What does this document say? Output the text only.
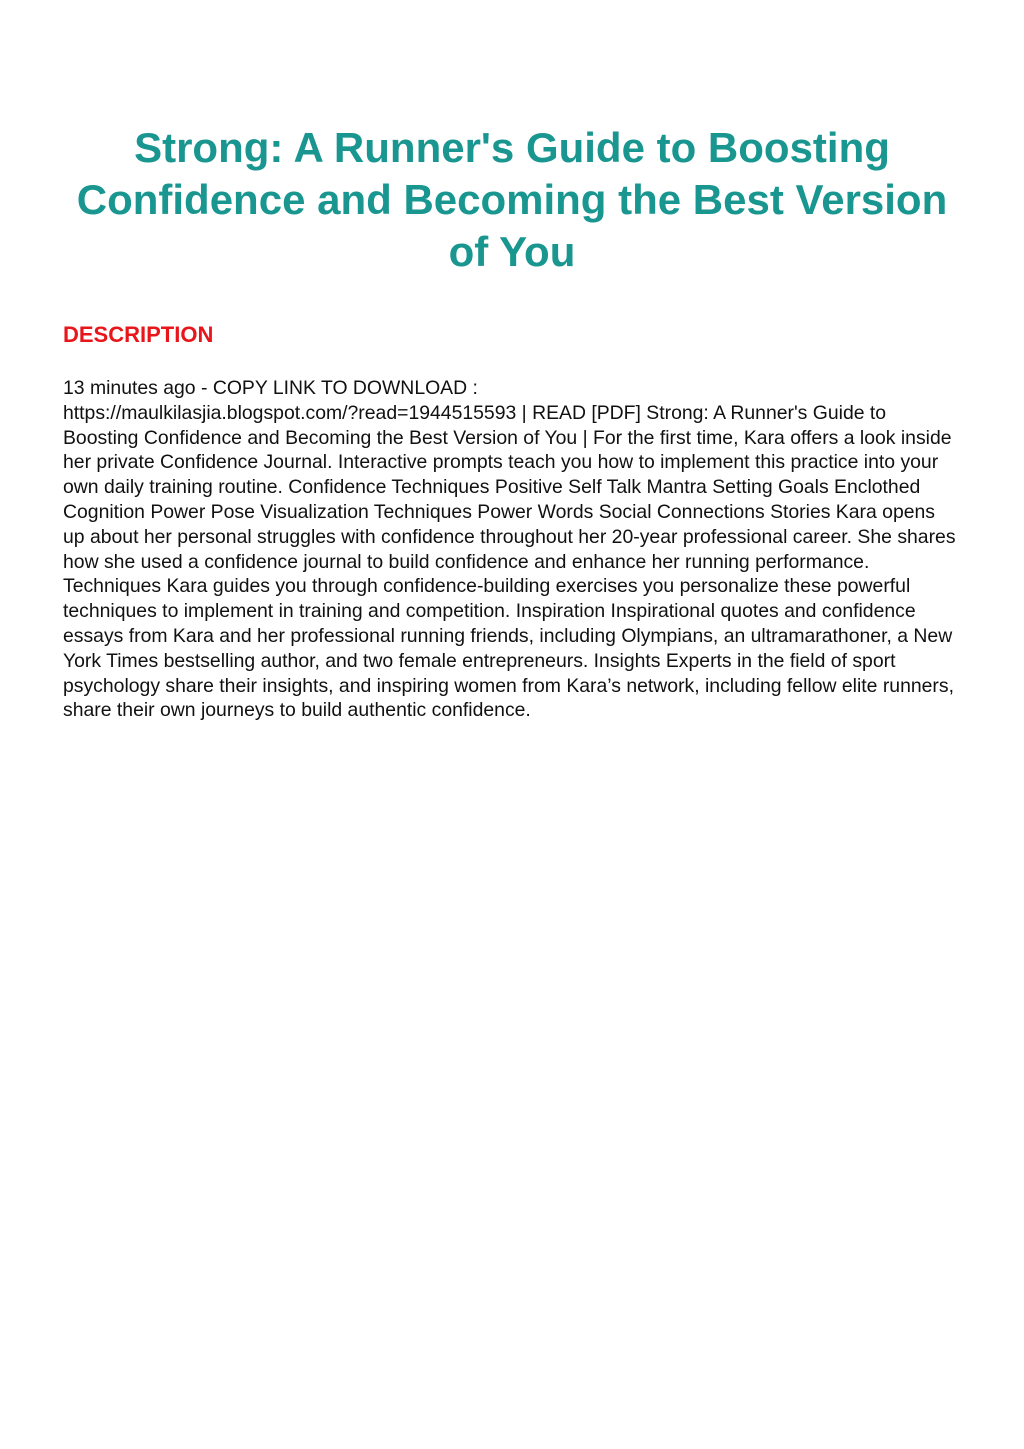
Strong: A Runner's Guide to Boosting Confidence and Becoming the Best Version of You
DESCRIPTION
13 minutes ago - COPY LINK TO DOWNLOAD :
https://maulkilasjia.blogspot.com/?read=1944515593 | READ [PDF] Strong: A Runner's Guide to Boosting Confidence and Becoming the Best Version of You | For the first time, Kara offers a look inside her private Confidence Journal. Interactive prompts teach you how to implement this practice into your own daily training routine. Confidence Techniques Positive Self Talk Mantra Setting Goals Enclothed Cognition Power Pose Visualization Techniques Power Words Social Connections Stories Kara opens up about her personal struggles with confidence throughout her 20-year professional career. She shares how she used a confidence journal to build confidence and enhance her running performance. Techniques Kara guides you through confidence-building exercises you personalize these powerful techniques to implement in training and competition. Inspiration Inspirational quotes and confidence essays from Kara and her professional running friends, including Olympians, an ultramarathoner, a New York Times bestselling author, and two female entrepreneurs. Insights Experts in the field of sport psychology share their insights, and inspiring women from Kara’s network, including fellow elite runners, share their own journeys to build authentic confidence.
